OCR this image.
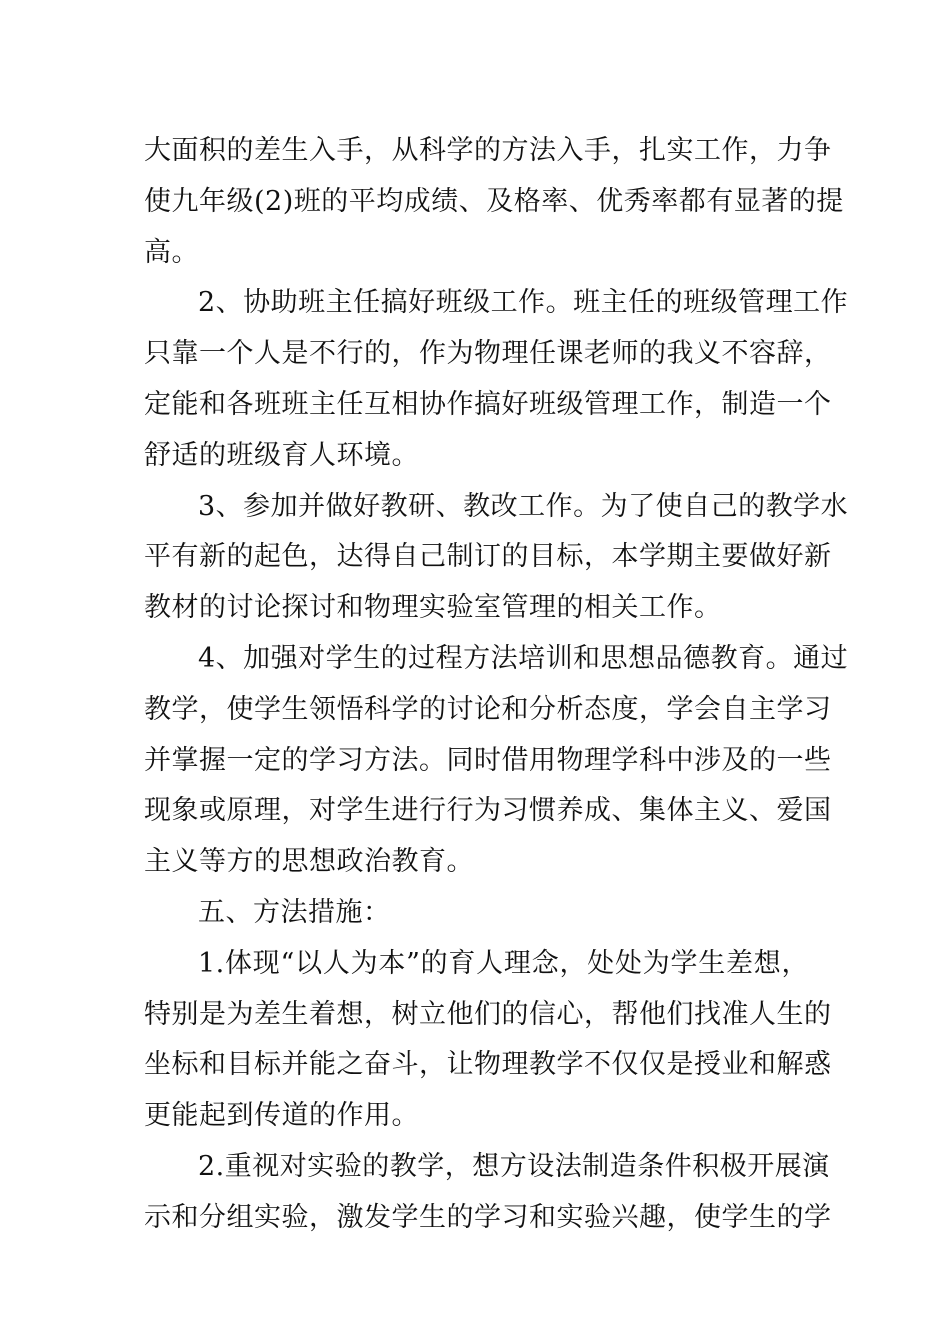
大面积的差生入手，从科学的方法入手，扎实工作，力争
使九年级(2)班的平均成绩、及格率、优秀率都有显著的提
高。

2、协助班主任搞好班级工作。班主任的班级管理工作
只靠一个人是不行的，作为物理任课老师的我义不容辞，
定能和各班班主任互相协作搞好班级管理工作，制造一个
舒适的班级育人环境。

3、参加并做好教研、教改工作。为了使自己的教学水
平有新的起色，达得自己制订的目标，本学期主要做好新
教材的讨论探讨和物理实验室管理的相关工作。

4、加强对学生的过程方法培训和思想品德教育。通过
教学，使学生领悟科学的讨论和分析态度，学会自主学习
并掌握一定的学习方法。同时借用物理学科中涉及的一些
现象或原理，对学生进行行为习惯养成、集体主义、爱国
主义等方的思想政治教育。

五、方法措施：

1.体现“以人为本”的育人理念，处处为学生差想，
特别是为差生着想，树立他们的信心，帮他们找准人生的
坐标和目标并能之奋斗，让物理教学不仅仅是授业和解惑
更能起到传道的作用。

2.重视对实验的教学，想方设法制造条件积极开展演
示和分组实验，激发学生的学习和实验兴趣，使学生的学
